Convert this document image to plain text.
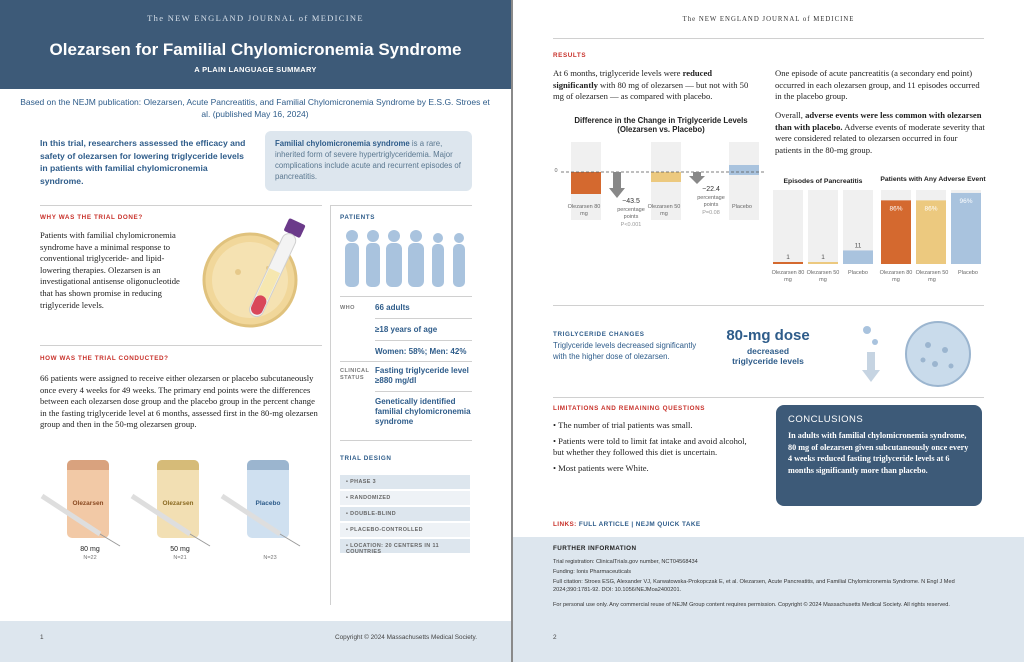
The NEW ENGLAND JOURNAL of MEDICINE
Olezarsen for Familial Chylomicronemia Syndrome
A PLAIN LANGUAGE SUMMARY
Based on the NEJM publication: Olezarsen, Acute Pancreatitis, and Familial Chylomicronemia Syndrome by E.S.G. Stroes et al. (published May 16, 2024)
In this trial, researchers assessed the efficacy and safety of olezarsen for lowering triglyceride levels in patients with familial chylomicronemia syndrome.
Familial chylomicronemia syndrome is a rare, inherited form of severe hypertriglyceridemia. Major complications include acute and recurrent episodes of pancreatitis.
WHY WAS THE TRIAL DONE?
Patients with familial chylomicronemia syndrome have a minimal response to conventional triglyceride- and lipid-lowering therapies. Olezarsen is an investigational antisense oligonucleotide that has shown promise in reducing triglyceride levels.
HOW WAS THE TRIAL CONDUCTED?
66 patients were assigned to receive either olezarsen or placebo subcutaneously once every 4 weeks for 49 weeks. The primary end points were the differences between each olezarsen dose group and the placebo group in the percent change in the fasting triglyceride level at 6 months, assessed first in the 80-mg olezarsen group and then in the 50-mg olezarsen group.
Olezarsen	Olezarsen	Placebo
80 mg
N=22
50 mg
N=21	N=23
PATIENTS
WHO	66 adults
≥18 years of age
Women: 58%; Men: 42%
CLINICAL STATUS
Fasting triglyceride level ≥880 mg/dl
Genetically identified familial chylomicronemia syndrome
TRIAL DESIGN
• PHASE 3
• RANDOMIZED
• DOUBLE-BLIND
• PLACEBO-CONTROLLED
• LOCATION: 20 CENTERS IN 11 COUNTRIES
1	Copyright © 2024 Massachusetts Medical Society.
The NEW ENGLAND JOURNAL of MEDICINE
RESULTS
At 6 months, triglyceride levels were reduced significantly with 80 mg of olezarsen — but not with 50 mg of olezarsen — as compared with placebo.
One episode of acute pancreatitis (a secondary end point) occurred in each olezarsen group, and 11 episodes occurred in the placebo group.
Overall, adverse events were less common with olezarsen than with placebo. Adverse events of moderate severity that were considered related to olezarsen occurred in four patients in the 80-mg group.
Difference in the Change in Triglyceride Levels (Olezarsen vs. Placebo)
0
Olezarsen 80 mg
Olezarsen 50 mg
Placebo
−43.5
percentage points
P<0.001
−22.4
percentage points
P=0.08
Episodes of Pancreatitis
1	1
11
Olezarsen 80 mg
Olezarsen 50 mg
Placebo
Patients with Any Adverse Event
86%	86%
96%
Olezarsen 80 mg
Olezarsen 50 mg
Placebo
TRIGLYCERIDE CHANGES
Triglyceride levels decreased significantly with the higher dose of olezarsen.
80-mg dose
decreased triglyceride levels
LIMITATIONS AND REMAINING QUESTIONS
• The number of trial patients was small.
• Patients were told to limit fat intake and avoid alcohol, but whether they followed this diet is uncertain.
• Most patients were White.
CONCLUSIONS
In adults with familial chylomicronemia syndrome, 80 mg of olezarsen given subcutaneously once every 4 weeks reduced fasting triglyceride levels at 6 months significantly more than placebo.
LINKS: FULL ARTICLE | NEJM QUICK TAKE
FURTHER INFORMATION
Trial registration: ClinicalTrials.gov number, NCT04568434
Funding: Ionis Pharmaceuticals
Full citation: Stroes ESG, Alexander VJ, Karwatowska-Prokopczak E, et al. Olezarsen, Acute Pancreatitis, and Familial Chylomicronemia Syndrome. N Engl J Med 2024;390:1781-92. DOI: 10.1056/NEJMoa2400201.
For personal use only. Any commercial reuse of NEJM Group content requires permission. Copyright © 2024 Massachusetts Medical Society. All rights reserved.
2
